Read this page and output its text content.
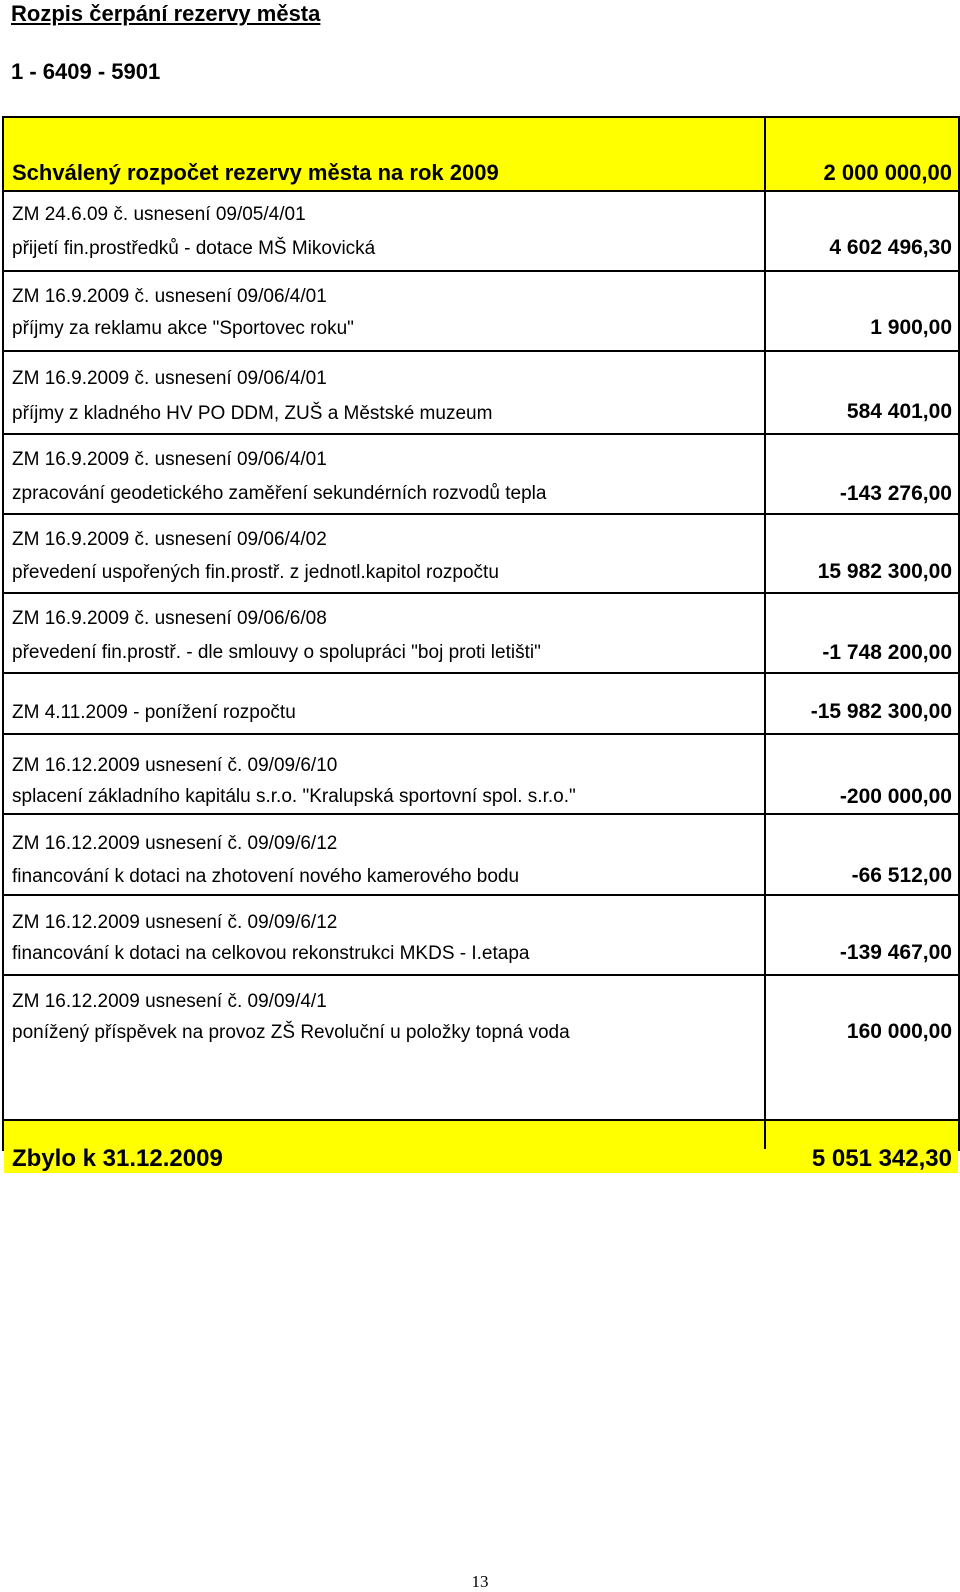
Rozpis čerpání rezervy města
1 - 6409 - 5901
Schválený rozpočet rezervy města na rok 2009	2 000 000,00
ZM 24.6.09 č. usnesení 09/05/4/01
přijetí fin.prostředků - dotace MŠ Mikovická	4 602 496,30
ZM 16.9.2009 č. usnesení 09/06/4/01
příjmy za reklamu akce "Sportovec roku"	1 900,00
ZM 16.9.2009 č. usnesení 09/06/4/01
příjmy z kladného HV PO DDM, ZUŠ a Městské muzeum	584 401,00
ZM 16.9.2009 č. usnesení 09/06/4/01
zpracování geodetického zaměření sekundérních rozvodů tepla	-143 276,00
ZM 16.9.2009 č. usnesení 09/06/4/02
převedení uspořených fin.prostř. z jednotl.kapitol rozpočtu	15 982 300,00
ZM 16.9.2009 č. usnesení 09/06/6/08
převedení fin.prostř. - dle smlouvy o spolupráci "boj proti letišti"	-1 748 200,00
ZM 4.11.2009 - ponížení rozpočtu	-15 982 300,00
ZM 16.12.2009 usnesení č. 09/09/6/10
splacení základního kapitálu s.r.o. "Kralupská sportovní spol. s.r.o."	-200 000,00
ZM 16.12.2009 usnesení č. 09/09/6/12
financování k dotaci na zhotovení nového kamerového bodu	-66 512,00
ZM 16.12.2009 usnesení č. 09/09/6/12
financování k dotaci na celkovou rekonstrukci MKDS - I.etapa	-139 467,00
ZM 16.12.2009 usnesení č. 09/09/4/1
ponížený příspěvek na provoz ZŠ Revoluční u položky topná voda	160 000,00
Zbylo k 31.12.2009	5 051 342,30
13
